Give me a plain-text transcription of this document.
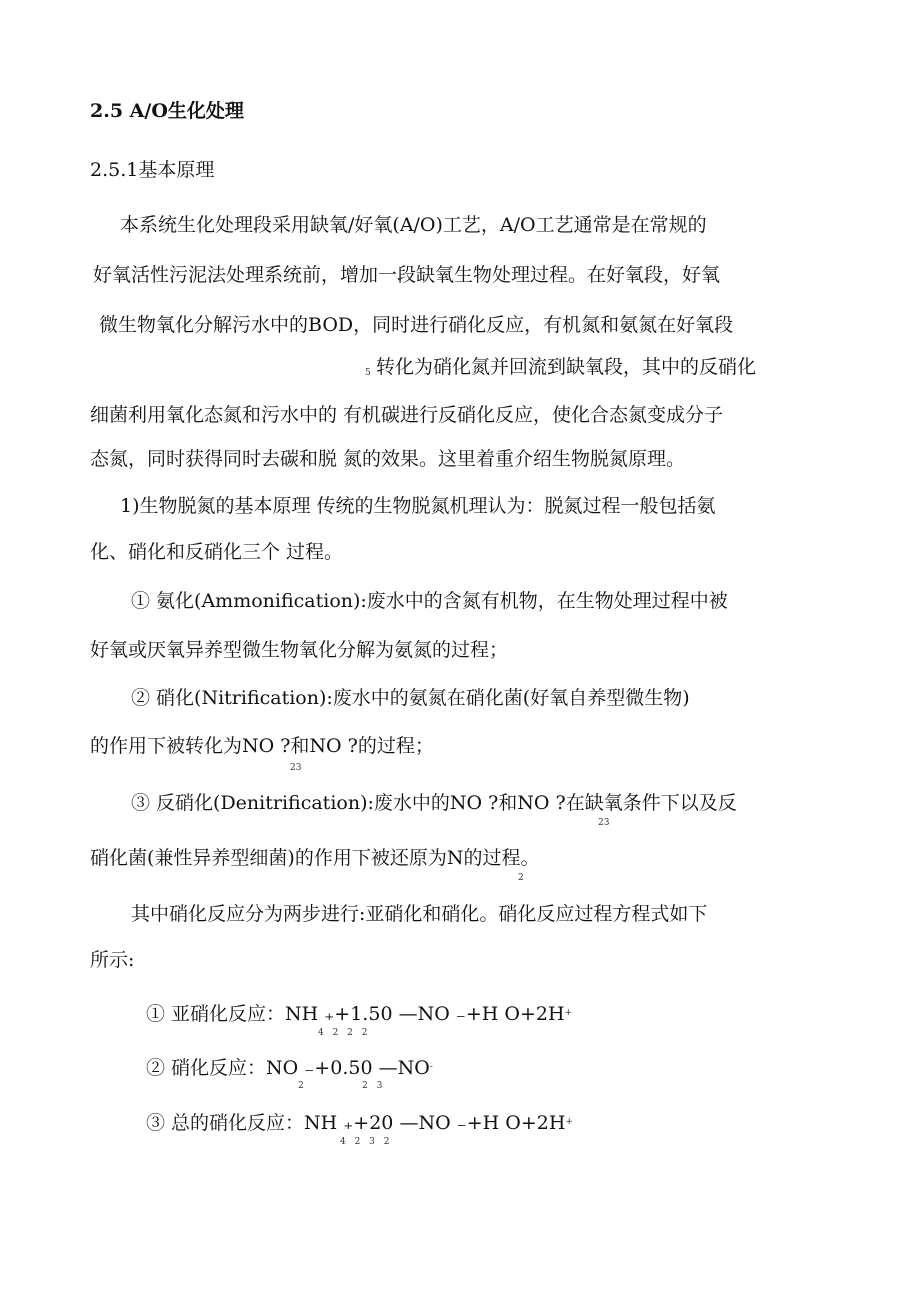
2.5 A/O生化处理
2.5.1基本原理
本系统生化处理段采用缺氧/好氧(A/O)工艺，A/O工艺通常是在常规的
好氧活性污泥法处理系统前，增加一段缺氧生物处理过程。在好氧段，好氧
微生物氧化分解污水中的BOD，同时进行硝化反应，有机氮和氨氮在好氧段
5 转化为硝化氮并回流到缺氧段，其中的反硝化
细菌利用氧化态氮和污水中的 有机碳进行反硝化反应，使化合态氮变成分子
态氮，同时获得同时去碳和脱 氮的效果。这里着重介绍生物脱氮原理。
1)生物脱氮的基本原理 传统的生物脱氮机理认为：脱氮过程一般包括氨
化、硝化和反硝化三个 过程。
① 氨化(Ammonification):废水中的含氮有机物，在生物处理过程中被
好氧或厌氧异养型微生物氧化分解为氨氮的过程；
② 硝化(Nitrification):废水中的氨氮在硝化菌(好氧自养型微生物)
的作用下被转化为NO ?和NO ?的过程；
23
③ 反硝化(Denitrification):废水中的NO ?和NO ?在缺氧条件下以及反
23
硝化菌(兼性异养型细菌)的作用下被还原为N的过程。
2
其中硝化反应分为两步进行:亚硝化和硝化。硝化反应过程方程式如下
所示:
① 亚硝化反应：NH ₊+1.50 —NO ₋+H O+2H+
4 2 2 2
② 硝化反应：NO ₋+0.50 —NO-
2	2 3
③ 总的硝化反应：NH ₊+20 —NO ₋+H O+2H+
4 2 3 2
